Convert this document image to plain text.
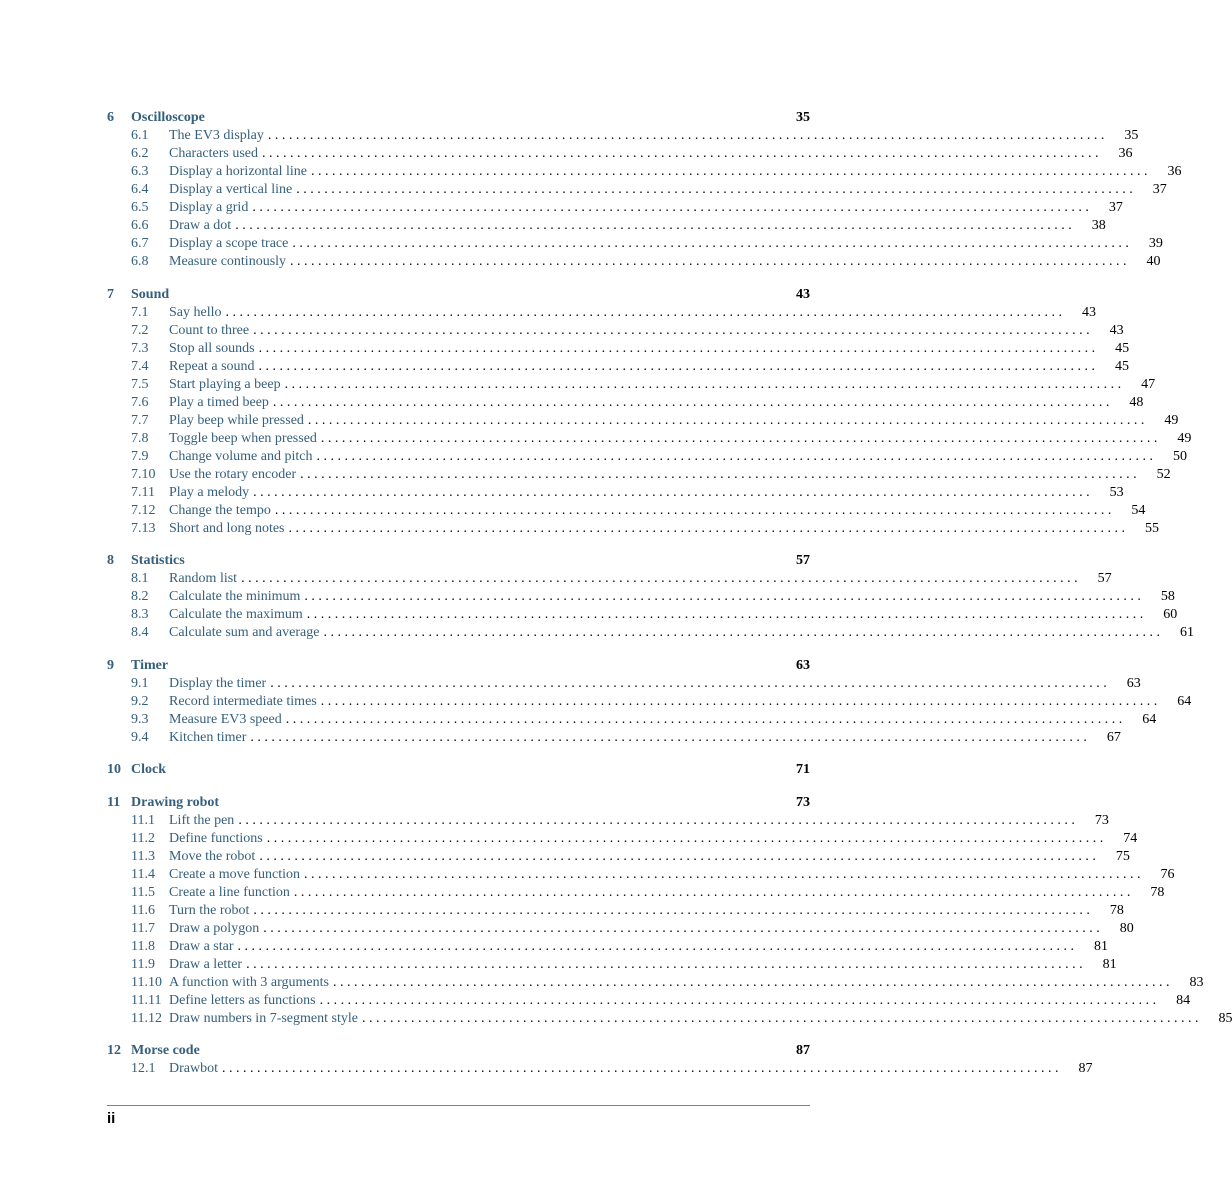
6	Oscilloscope	35
6.1	The EV3 display . . . . . . . . . . . . . . . . . . . . . . . . . . . . . . . . . . . . . . . . . . . . . . . . . . . . . . . . . . . . . . . . . . . . . . . . . . . . . . . . . . . . . . . . . . . . . . . . . . . . . . . . . . . . . . . . . . . . . . . .	35
6.2	Characters used . . . . . . . . . . . . . . . . . . . . . . . . . . . . . . . . . . . . . . . . . . . . . . . . . . . . . . . . . . . . . . . . . . . . . . . . . . . . . . . . . . . . . . . . . . . . . . . . . . . . . . . . . . . . . . . . . . . . . . . .	36
6.3	Display a horizontal line . . . . . . . . . . . . . . . . . . . . . . . . . . . . . . . . . . . . . . . . . . . . . . . . . . . . . . . . . . . . . . . . . . . . . . . . . . . . . . . . . . . . . . . . . . . . . . . . . . . . . . . . . . . . . . . . . . . . . . . .	36
6.4	Display a vertical line . . . . . . . . . . . . . . . . . . . . . . . . . . . . . . . . . . . . . . . . . . . . . . . . . . . . . . . . . . . . . . . . . . . . . . . . . . . . . . . . . . . . . . . . . . . . . . . . . . . . . . . . . . . . . . . . . . . . . . . .	37
6.5	Display a grid . . . . . . . . . . . . . . . . . . . . . . . . . . . . . . . . . . . . . . . . . . . . . . . . . . . . . . . . . . . . . . . . . . . . . . . . . . . . . . . . . . . . . . . . . . . . . . . . . . . . . . . . . . . . . . . . . . . . . . . .	37
6.6	Draw a dot . . . . . . . . . . . . . . . . . . . . . . . . . . . . . . . . . . . . . . . . . . . . . . . . . . . . . . . . . . . . . . . . . . . . . . . . . . . . . . . . . . . . . . . . . . . . . . . . . . . . . . . . . . . . . . . . . . . . . . . .	38
6.7	Display a scope trace . . . . . . . . . . . . . . . . . . . . . . . . . . . . . . . . . . . . . . . . . . . . . . . . . . . . . . . . . . . . . . . . . . . . . . . . . . . . . . . . . . . . . . . . . . . . . . . . . . . . . . . . . . . . . . . . . . . . . . . .	39
6.8	Measure continously . . . . . . . . . . . . . . . . . . . . . . . . . . . . . . . . . . . . . . . . . . . . . . . . . . . . . . . . . . . . . . . . . . . . . . . . . . . . . . . . . . . . . . . . . . . . . . . . . . . . . . . . . . . . . . . . . . . . . . . .	40
7	Sound	43
7.1	Say hello . . . . . . . . . . . . . . . . . . . . . . . . . . . . . . . . . . . . . . . . . . . . . . . . . . . . . . . . . . . . . . . . . . . . . . . . . . . . . . . . . . . . . . . . . . . . . . . . . . . . . . . . . . . . . . . . . . . . . . . .	43
7.2	Count to three . . . . . . . . . . . . . . . . . . . . . . . . . . . . . . . . . . . . . . . . . . . . . . . . . . . . . . . . . . . . . . . . . . . . . . . . . . . . . . . . . . . . . . . . . . . . . . . . . . . . . . . . . . . . . . . . . . . . . . . .	43
7.3	Stop all sounds . . . . . . . . . . . . . . . . . . . . . . . . . . . . . . . . . . . . . . . . . . . . . . . . . . . . . . . . . . . . . . . . . . . . . . . . . . . . . . . . . . . . . . . . . . . . . . . . . . . . . . . . . . . . . . . . . . . . . . . .	45
7.4	Repeat a sound . . . . . . . . . . . . . . . . . . . . . . . . . . . . . . . . . . . . . . . . . . . . . . . . . . . . . . . . . . . . . . . . . . . . . . . . . . . . . . . . . . . . . . . . . . . . . . . . . . . . . . . . . . . . . . . . . . . . . . . .	45
7.5	Start playing a beep . . . . . . . . . . . . . . . . . . . . . . . . . . . . . . . . . . . . . . . . . . . . . . . . . . . . . . . . . . . . . . . . . . . . . . . . . . . . . . . . . . . . . . . . . . . . . . . . . . . . . . . . . . . . . . . . . . . . . . . .	47
7.6	Play a timed beep . . . . . . . . . . . . . . . . . . . . . . . . . . . . . . . . . . . . . . . . . . . . . . . . . . . . . . . . . . . . . . . . . . . . . . . . . . . . . . . . . . . . . . . . . . . . . . . . . . . . . . . . . . . . . . . . . . . . . . . .	48
7.7	Play beep while pressed . . . . . . . . . . . . . . . . . . . . . . . . . . . . . . . . . . . . . . . . . . . . . . . . . . . . . . . . . . . . . . . . . . . . . . . . . . . . . . . . . . . . . . . . . . . . . . . . . . . . . . . . . . . . . . . . . . . . . . . .	49
7.8	Toggle beep when pressed . . . . . . . . . . . . . . . . . . . . . . . . . . . . . . . . . . . . . . . . . . . . . . . . . . . . . . . . . . . . . . . . . . . . . . . . . . . . . . . . . . . . . . . . . . . . . . . . . . . . . . . . . . . . . . . . . . . . . . . .	49
7.9	Change volume and pitch . . . . . . . . . . . . . . . . . . . . . . . . . . . . . . . . . . . . . . . . . . . . . . . . . . . . . . . . . . . . . . . . . . . . . . . . . . . . . . . . . . . . . . . . . . . . . . . . . . . . . . . . . . . . . . . . . . . . . . . .	50
7.10 Use the rotary encoder . . . . . . . . . . . . . . . . . . . . . . . . . . . . . . . . . . . . . . . . . . . . . . . . . . . . . . . . . . . . . . . . . . . . . . . . . . . . . . . . . . . . . . . . . . . . . . . . . . . . . . . . . . . . . . . . . . . . . . . .	52
7.11	Play a melody . . . . . . . . . . . . . . . . . . . . . . . . . . . . . . . . . . . . . . . . . . . . . . . . . . . . . . . . . . . . . . . . . . . . . . . . . . . . . . . . . . . . . . . . . . . . . . . . . . . . . . . . . . . . . . . . . . . . . . . .	53
7.12 Change the tempo . . . . . . . . . . . . . . . . . . . . . . . . . . . . . . . . . . . . . . . . . . . . . . . . . . . . . . . . . . . . . . . . . . . . . . . . . . . . . . . . . . . . . . . . . . . . . . . . . . . . . . . . . . . . . . . . . . . . . . . .	54
7.13 Short and long notes . . . . . . . . . . . . . . . . . . . . . . . . . . . . . . . . . . . . . . . . . . . . . . . . . . . . . . . . . . . . . . . . . . . . . . . . . . . . . . . . . . . . . . . . . . . . . . . . . . . . . . . . . . . . . . . . . . . . . . . .	55
8	Statistics	57
8.1	Random list . . . . . . . . . . . . . . . . . . . . . . . . . . . . . . . . . . . . . . . . . . . . . . . . . . . . . . . . . . . . . . . . . . . . . . . . . . . . . . . . . . . . . . . . . . . . . . . . . . . . . . . . . . . . . . . . . . . . . . . .	57
8.2	Calculate the minimum . . . . . . . . . . . . . . . . . . . . . . . . . . . . . . . . . . . . . . . . . . . . . . . . . . . . . . . . . . . . . . . . . . . . . . . . . . . . . . . . . . . . . . . . . . . . . . . . . . . . . . . . . . . . . . . . . . . . . . . .	58
8.3	Calculate the maximum . . . . . . . . . . . . . . . . . . . . . . . . . . . . . . . . . . . . . . . . . . . . . . . . . . . . . . . . . . . . . . . . . . . . . . . . . . . . . . . . . . . . . . . . . . . . . . . . . . . . . . . . . . . . . . . . . . . . . . . .	60
8.4	Calculate sum and average . . . . . . . . . . . . . . . . . . . . . . . . . . . . . . . . . . . . . . . . . . . . . . . . . . . . . . . . . . . . . . . . . . . . . . . . . . . . . . . . . . . . . . . . . . . . . . . . . . . . . . . . . . . . . . . . . . . . . . . .	61
9	Timer	63
9.1	Display the timer . . . . . . . . . . . . . . . . . . . . . . . . . . . . . . . . . . . . . . . . . . . . . . . . . . . . . . . . . . . . . . . . . . . . . . . . . . . . . . . . . . . . . . . . . . . . . . . . . . . . . . . . . . . . . . . . . . . . . . . .	63
9.2	Record intermediate times . . . . . . . . . . . . . . . . . . . . . . . . . . . . . . . . . . . . . . . . . . . . . . . . . . . . . . . . . . . . . . . . . . . . . . . . . . . . . . . . . . . . . . . . . . . . . . . . . . . . . . . . . . . . . . . . . . . . . . . .	64
9.3	Measure EV3 speed . . . . . . . . . . . . . . . . . . . . . . . . . . . . . . . . . . . . . . . . . . . . . . . . . . . . . . . . . . . . . . . . . . . . . . . . . . . . . . . . . . . . . . . . . . . . . . . . . . . . . . . . . . . . . . . . . . . . . . . .	64
9.4	Kitchen timer . . . . . . . . . . . . . . . . . . . . . . . . . . . . . . . . . . . . . . . . . . . . . . . . . . . . . . . . . . . . . . . . . . . . . . . . . . . . . . . . . . . . . . . . . . . . . . . . . . . . . . . . . . . . . . . . . . . . . . . .	67
10 Clock	71
11 Drawing robot	73
11.1	Lift the pen . . . . . . . . . . . . . . . . . . . . . . . . . . . . . . . . . . . . . . . . . . . . . . . . . . . . . . . . . . . . . . . . . . . . . . . . . . . . . . . . . . . . . . . . . . . . . . . . . . . . . . . . . . . . . . . . . . . . . . . .	73
11.2	Define functions . . . . . . . . . . . . . . . . . . . . . . . . . . . . . . . . . . . . . . . . . . . . . . . . . . . . . . . . . . . . . . . . . . . . . . . . . . . . . . . . . . . . . . . . . . . . . . . . . . . . . . . . . . . . . . . . . . . . . . . .	74
11.3	Move the robot . . . . . . . . . . . . . . . . . . . . . . . . . . . . . . . . . . . . . . . . . . . . . . . . . . . . . . . . . . . . . . . . . . . . . . . . . . . . . . . . . . . . . . . . . . . . . . . . . . . . . . . . . . . . . . . . . . . . . . . .	75
11.4	Create a move function . . . . . . . . . . . . . . . . . . . . . . . . . . . . . . . . . . . . . . . . . . . . . . . . . . . . . . . . . . . . . . . . . . . . . . . . . . . . . . . . . . . . . . . . . . . . . . . . . . . . . . . . . . . . . . . . . . . . . . . .	76
11.5	Create a line function . . . . . . . . . . . . . . . . . . . . . . . . . . . . . . . . . . . . . . . . . . . . . . . . . . . . . . . . . . . . . . . . . . . . . . . . . . . . . . . . . . . . . . . . . . . . . . . . . . . . . . . . . . . . . . . . . . . . . . . .	78
11.6	Turn the robot . . . . . . . . . . . . . . . . . . . . . . . . . . . . . . . . . . . . . . . . . . . . . . . . . . . . . . . . . . . . . . . . . . . . . . . . . . . . . . . . . . . . . . . . . . . . . . . . . . . . . . . . . . . . . . . . . . . . . . . .	78
11.7	Draw a polygon . . . . . . . . . . . . . . . . . . . . . . . . . . . . . . . . . . . . . . . . . . . . . . . . . . . . . . . . . . . . . . . . . . . . . . . . . . . . . . . . . . . . . . . . . . . . . . . . . . . . . . . . . . . . . . . . . . . . . . . .	80
11.8	Draw a star . . . . . . . . . . . . . . . . . . . . . . . . . . . . . . . . . . . . . . . . . . . . . . . . . . . . . . . . . . . . . . . . . . . . . . . . . . . . . . . . . . . . . . . . . . . . . . . . . . . . . . . . . . . . . . . . . . . . . . . .	81
11.9	Draw a letter . . . . . . . . . . . . . . . . . . . . . . . . . . . . . . . . . . . . . . . . . . . . . . . . . . . . . . . . . . . . . . . . . . . . . . . . . . . . . . . . . . . . . . . . . . . . . . . . . . . . . . . . . . . . . . . . . . . . . . . .	81
11.10 A function with 3 arguments . . . . . . . . . . . . . . . . . . . . . . . . . . . . . . . . . . . . . . . . . . . . . . . . . . . . . . . . . . . . . . . . . . . . . . . . . . . . . . . . . . . . . . . . . . . . . . . . . . . . . . . . . . . . . . . . . . . . . . . .	83
11.11 Define letters as functions . . . . . . . . . . . . . . . . . . . . . . . . . . . . . . . . . . . . . . . . . . . . . . . . . . . . . . . . . . . . . . . . . . . . . . . . . . . . . . . . . . . . . . . . . . . . . . . . . . . . . . . . . . . . . . . . . . . . . . . .	84
11.12 Draw numbers in 7-segment style . . . . . . . . . . . . . . . . . . . . . . . . . . . . . . . . . . . . . . . . . . . . . . . . . . . . . . . . . . . . . . . . . . . . . . . . . . . . . . . . . . . . . . . . . . . . . . . . . . . . . . . . . . . . . . . . . . . . . . . .	85
12 Morse code	87
12.1 Drawbot . . . . . . . . . . . . . . . . . . . . . . . . . . . . . . . . . . . . . . . . . . . . . . . . . . . . . . . . . . . . . . . . . . . . . . . . . . . . . . . . . . . . . . . . . . . . . . . . . . . . . . . . . . . . . . . . . . . . . . . .	87
ii
